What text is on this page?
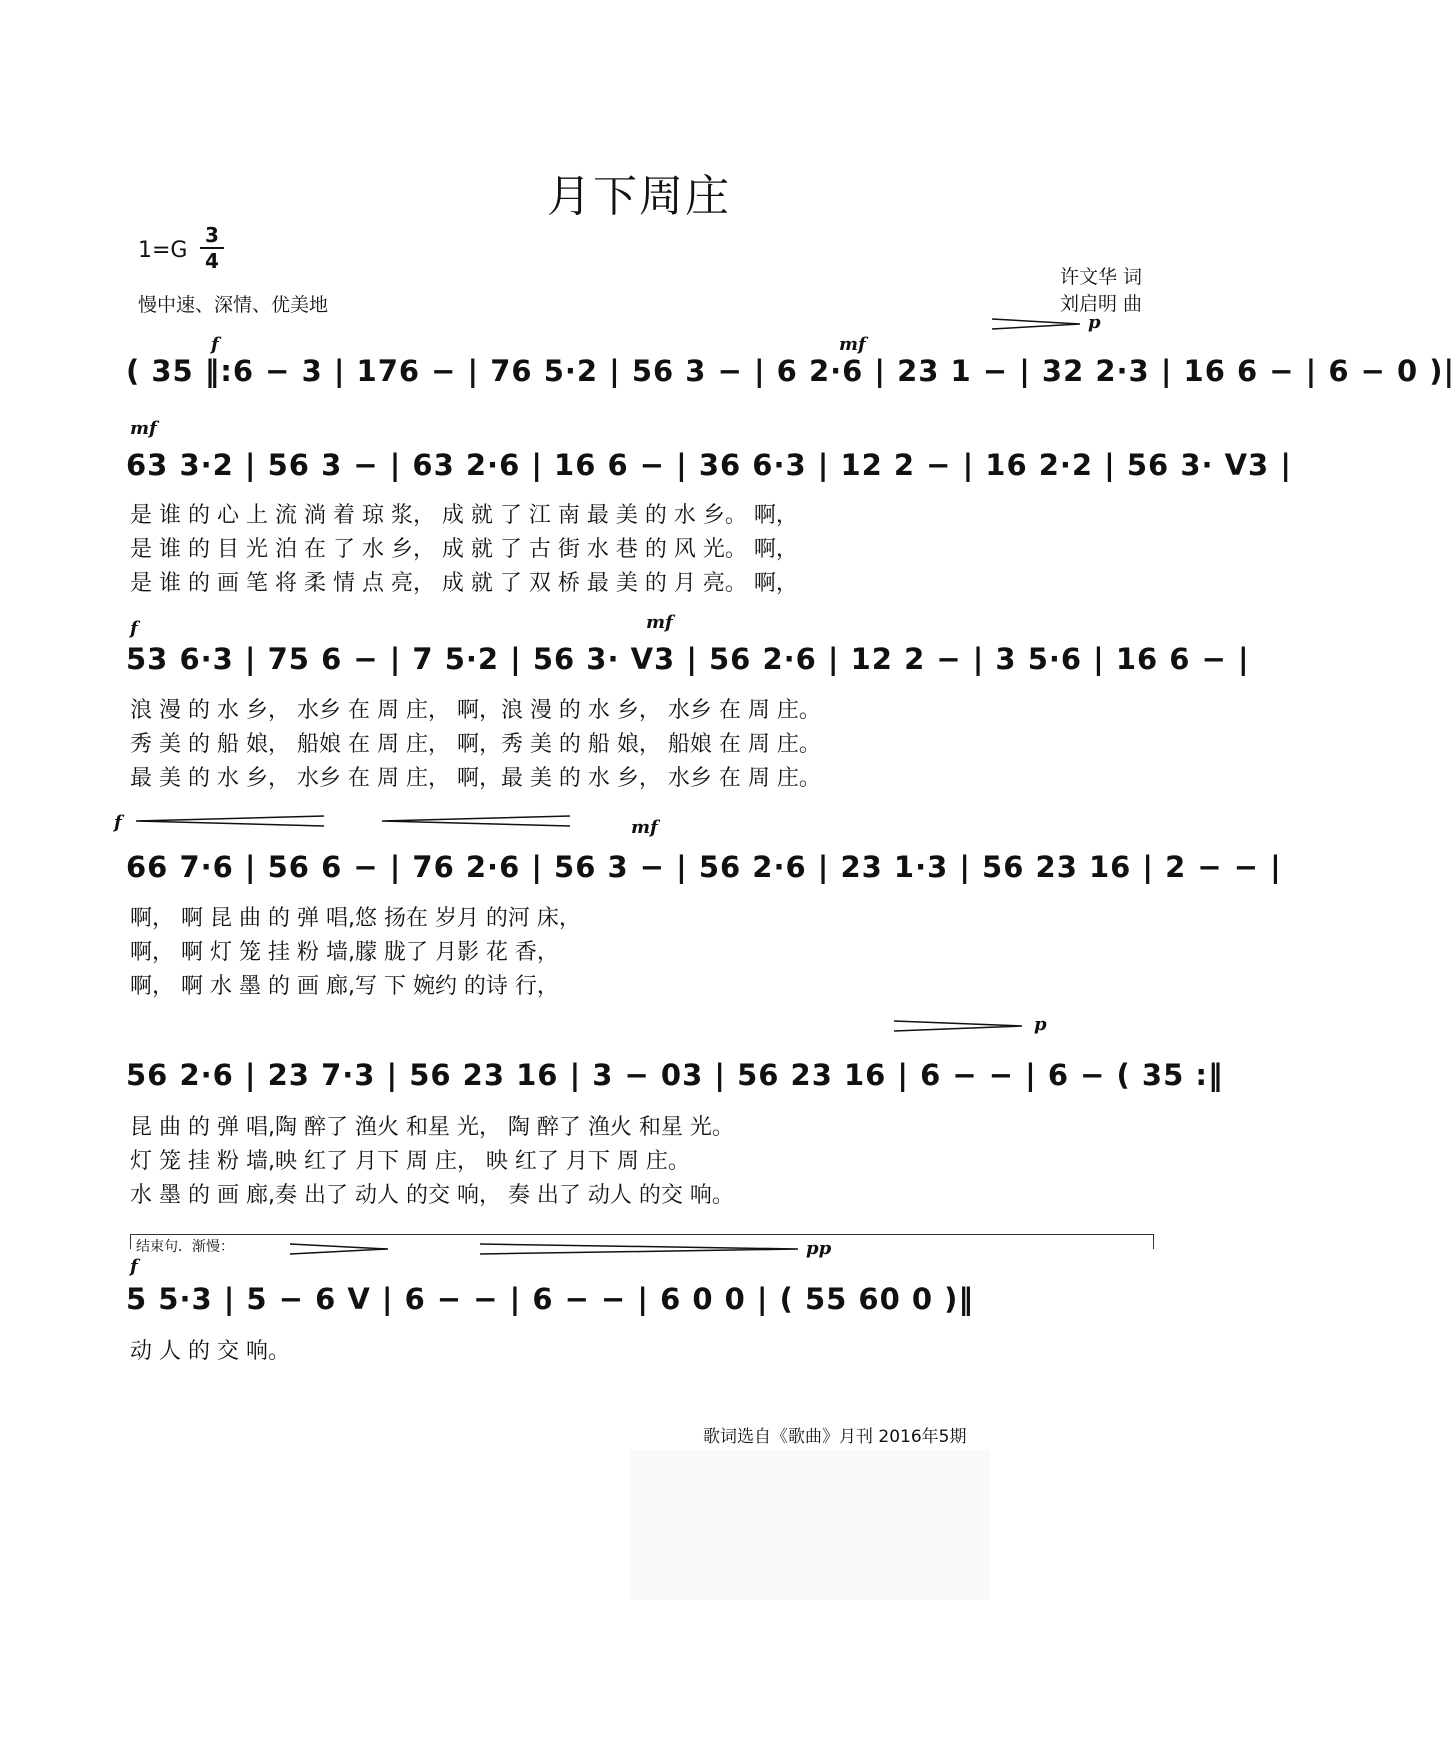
月下周庄
1=G
3
4
慢中速、深情、优美地
许文华 词
刘启明 曲
f	mf
p
mf
f	mf
f	mf
p
f
pp
( 35 ‖:6 − 3 | 176 − | 76 5·2 | 56 3 − | 6 2·6 | 23 1 − | 32 2·3 | 16 6 − | 6 − 0 )|
63 3·2 | 56 3 − | 63 2·6 | 16 6 − | 36 6·3 | 12 2 − | 16 2·2 | 56 3· ᐯ3 |
53 6·3 | 75 6 − | 7 5·2 | 56 3· ᐯ3 | 56 2·6 | 12 2 − | 3 5·6 | 16 6 − |
66 7·6 | 56 6 − | 76 2·6 | 56 3 − | 56 2·6 | 23 1·3 | 56 23 16 | 2 − − |
56 2·6 | 23 7·3 | 56 23 16 | 3 − 03 | 56 23 16 | 6 − − | 6 − ( 35 :‖
5 5·3 | 5 − 6 ᐯ | 6 − − | 6 − − | 6 0 0 | ( 55 60 0 )‖
是 谁 的 心 上 流 淌 着 琼 浆， 成 就 了 江 南 最 美 的 水 乡。 啊，
是 谁 的 目 光 泊 在 了 水 乡， 成 就 了 古 街 水 巷 的 风 光。 啊，
是 谁 的 画 笔 将 柔 情 点 亮， 成 就 了 双 桥 最 美 的 月 亮。 啊，
浪 漫 的 水 乡， 水乡 在 周 庄， 啊，浪 漫 的 水 乡， 水乡 在 周 庄。
秀 美 的 船 娘， 船娘 在 周 庄， 啊，秀 美 的 船 娘， 船娘 在 周 庄。
最 美 的 水 乡， 水乡 在 周 庄， 啊，最 美 的 水 乡， 水乡 在 周 庄。
啊， 啊 昆 曲 的 弹 唱,悠 扬在 岁月 的河 床，
啊， 啊 灯 笼 挂 粉 墙,朦 胧了 月影 花 香，
啊， 啊 水 墨 的 画 廊,写 下 婉约 的诗 行，
昆 曲 的 弹 唱,陶 醉了 渔火 和星 光， 陶 醉了 渔火 和星 光。
灯 笼 挂 粉 墙,映 红了 月下 周 庄， 映 红了 月下 周 庄。
水 墨 的 画 廊,奏 出了 动人 的交 响， 奏 出了 动人 的交 响。
结束句．渐慢：
动 人 的 交 响。
歌词选自《歌曲》月刊 2016年5期
